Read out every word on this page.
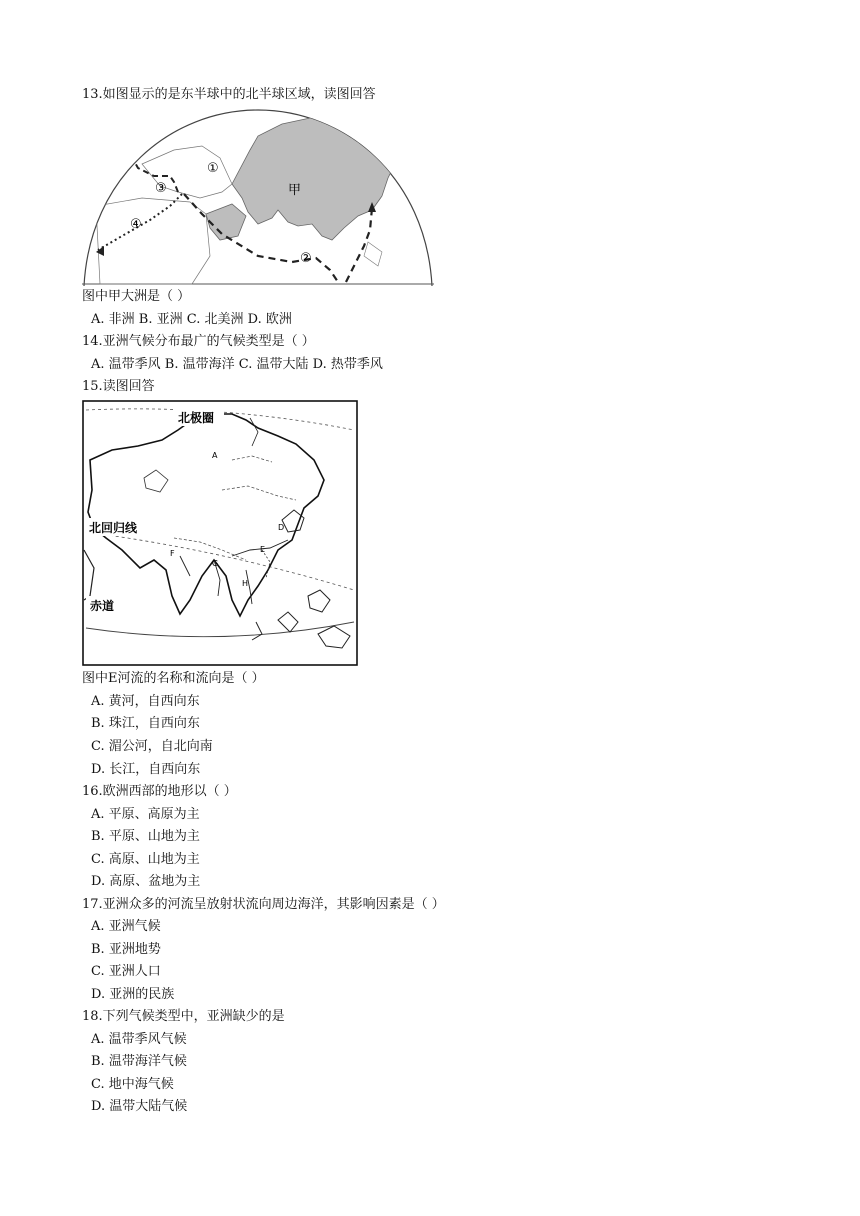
13.如图显示的是东半球中的北半球区域，读图回答
甲
①
③
④
②
图中甲大洲是（ ）
A. 非洲 B. 亚洲 C. 北美洲 D. 欧洲
14.亚洲气候分布最广的气候类型是（ ）
A. 温带季风 B. 温带海洋 C. 温带大陆 D. 热带季风
15.读图回答
北极圈
北回归线
赤道
A
D
E
F
G
H
图中E河流的名称和流向是（ ）
A. 黄河，自西向东
B. 珠江，自西向东
C. 湄公河，自北向南
D. 长江，自西向东
16.欧洲西部的地形以（ ）
A. 平原、高原为主
B. 平原、山地为主
C. 高原、山地为主
D. 高原、盆地为主
17.亚洲众多的河流呈放射状流向周边海洋，其影响因素是（ ）
A. 亚洲气候
B. 亚洲地势
C. 亚洲人口
D. 亚洲的民族
18.下列气候类型中，亚洲缺少的是
A. 温带季风气候
B. 温带海洋气候
C. 地中海气候
D. 温带大陆气候
